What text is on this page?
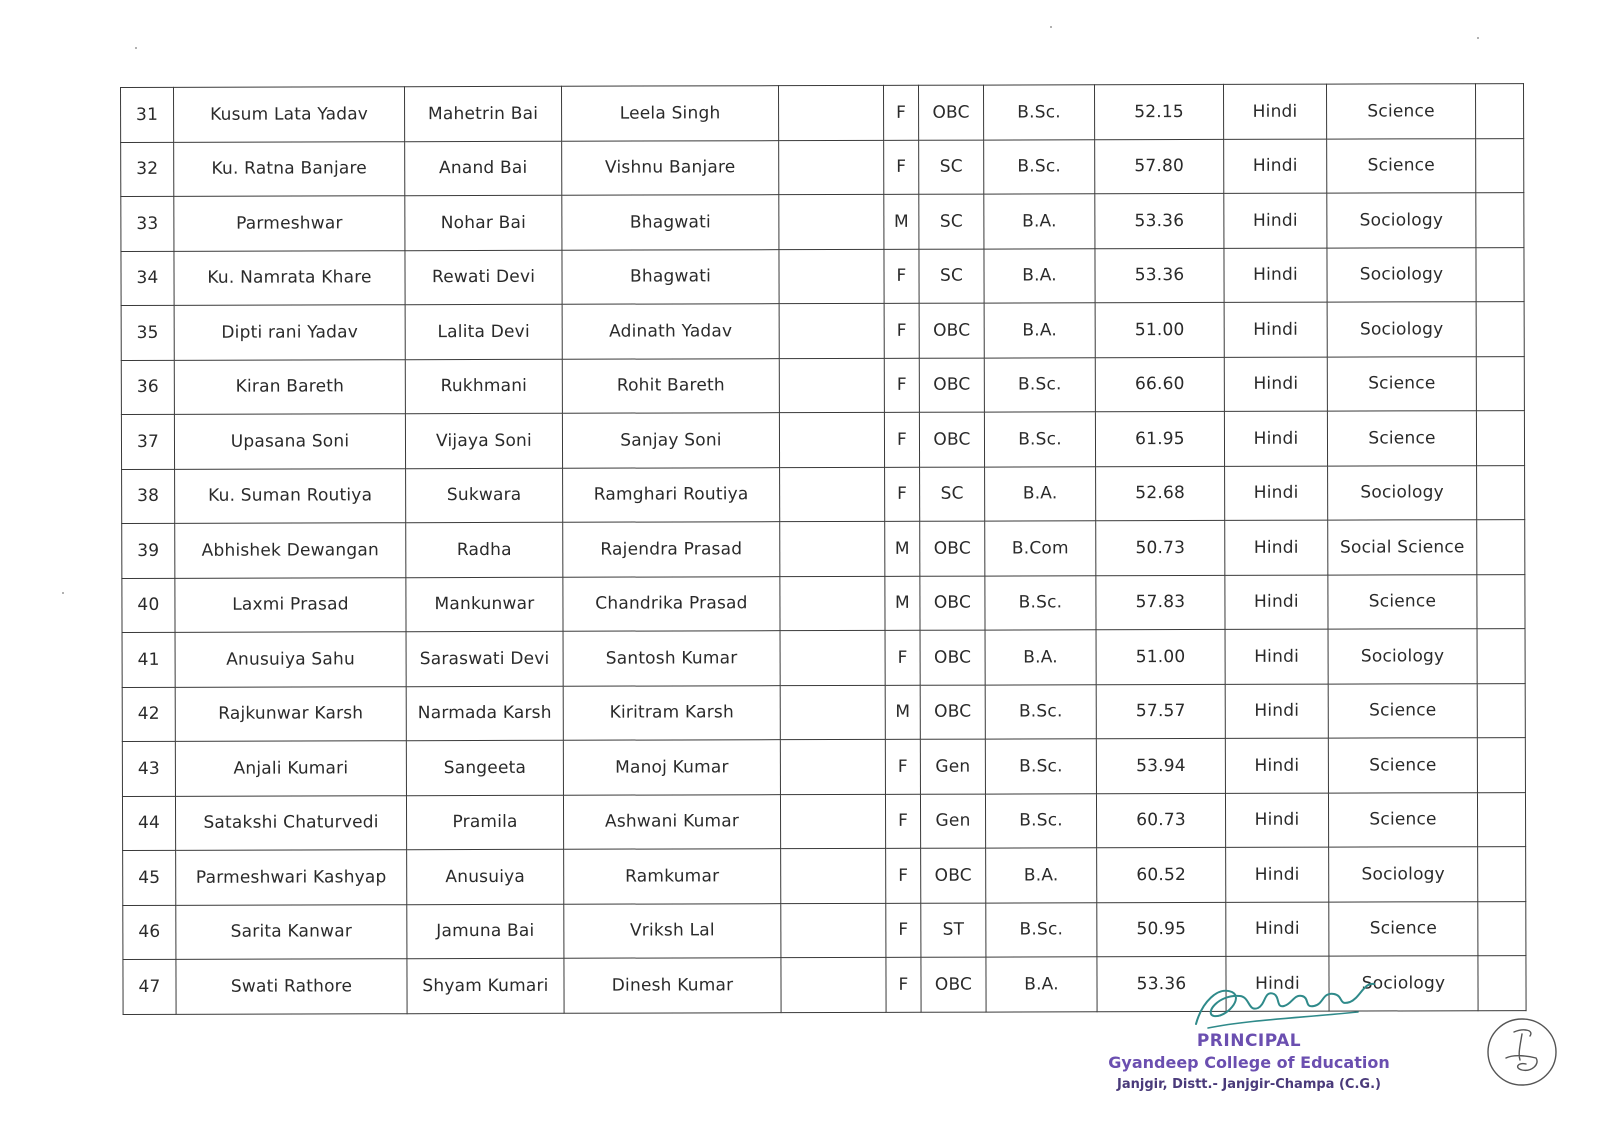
31	Kusum Lata Yadav	Mahetrin Bai	Leela Singh		F	OBC	B.Sc.	52.15	Hindi	Science	
32	Ku. Ratna Banjare	Anand Bai	Vishnu Banjare		F	SC	B.Sc.	57.80	Hindi	Science	
33	Parmeshwar	Nohar Bai	Bhagwati		M	SC	B.A.	53.36	Hindi	Sociology	
34	Ku. Namrata Khare	Rewati Devi	Bhagwati		F	SC	B.A.	53.36	Hindi	Sociology	
35	Dipti rani Yadav	Lalita Devi	Adinath Yadav		F	OBC	B.A.	51.00	Hindi	Sociology	
36	Kiran Bareth	Rukhmani	Rohit Bareth		F	OBC	B.Sc.	66.60	Hindi	Science	
37	Upasana Soni	Vijaya Soni	Sanjay Soni		F	OBC	B.Sc.	61.95	Hindi	Science	
38	Ku. Suman Routiya	Sukwara	Ramghari Routiya		F	SC	B.A.	52.68	Hindi	Sociology	
39	Abhishek Dewangan	Radha	Rajendra Prasad		M	OBC	B.Com	50.73	Hindi	Social Science	
40	Laxmi Prasad	Mankunwar	Chandrika Prasad		M	OBC	B.Sc.	57.83	Hindi	Science	
41	Anusuiya Sahu	Saraswati Devi	Santosh Kumar		F	OBC	B.A.	51.00	Hindi	Sociology	
42	Rajkunwar Karsh	Narmada Karsh	Kiritram Karsh		M	OBC	B.Sc.	57.57	Hindi	Science	
43	Anjali Kumari	Sangeeta	Manoj Kumar		F	Gen	B.Sc.	53.94	Hindi	Science	
44	Satakshi Chaturvedi	Pramila	Ashwani Kumar		F	Gen	B.Sc.	60.73	Hindi	Science	
45	Parmeshwari Kashyap	Anusuiya	Ramkumar		F	OBC	B.A.	60.52	Hindi	Sociology	
46	Sarita Kanwar	Jamuna Bai	Vriksh Lal		F	ST	B.Sc.	50.95	Hindi	Science	
47	Swati Rathore	Shyam Kumari	Dinesh Kumar		F	OBC	B.A.	53.36	Hindi	Sociology	
PRINCIPAL
Gyandeep College of Education
Janjgir, Distt.- Janjgir-Champa (C.G.)
